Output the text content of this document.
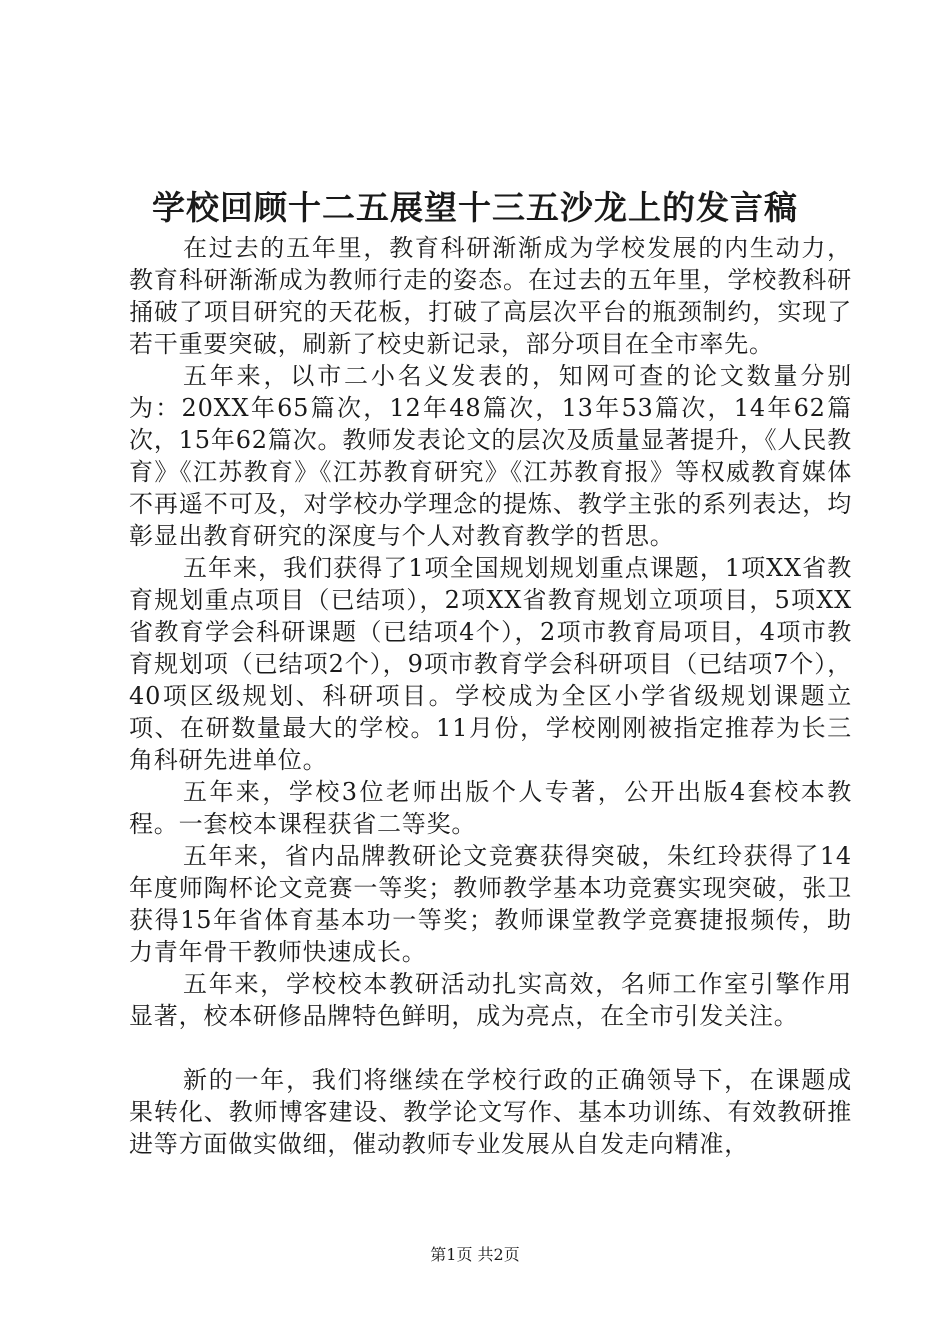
学校回顾十二五展望十三五沙龙上的发言稿

在过去的五年里，教育科研渐渐成为学校发展的内生动力，教育科研渐渐成为教师行走的姿态。在过去的五年里，学校教科研捅破了项目研究的天花板，打破了高层次平台的瓶颈制约，实现了若干重要突破，刷新了校史新记录，部分项目在全市率先。

五年来，以市二小名义发表的，知网可查的论文数量分别为：20XX年65篇次，12年48篇次，13年53篇次，14年62篇次，15年62篇次。教师发表论文的层次及质量显著提升，《人民教育》《江苏教育》《江苏教育研究》《江苏教育报》等权威教育媒体不再遥不可及，对学校办学理念的提炼、教学主张的系列表达，均彰显出教育研究的深度与个人对教育教学的哲思。

五年来，我们获得了1项全国规划规划重点课题，1项XX省教育规划重点项目（已结项），2项XX省教育规划立项项目，5项XX省教育学会科研课题（已结项4个），2项市教育局项目，4项市教育规划项（已结项2个），9项市教育学会科研项目（已结项7个），40项区级规划、科研项目。学校成为全区小学省级规划课题立项、在研数量最大的学校。11月份，学校刚刚被指定推荐为长三角科研先进单位。

五年来，学校3位老师出版个人专著，公开出版4套校本教程。一套校本课程获省二等奖。

五年来，省内品牌教研论文竞赛获得突破，朱红玲获得了14年度师陶杯论文竞赛一等奖；教师教学基本功竞赛实现突破，张卫获得15年省体育基本功一等奖；教师课堂教学竞赛捷报频传，助力青年骨干教师快速成长。

五年来，学校校本教研活动扎实高效，名师工作室引擎作用显著，校本研修品牌特色鲜明，成为亮点，在全市引发关注。

新的一年，我们将继续在学校行政的正确领导下，在课题成果转化、教师博客建设、教学论文写作、基本功训练、有效教研推进等方面做实做细，催动教师专业发展从自发走向精准，

第1页 共2页
